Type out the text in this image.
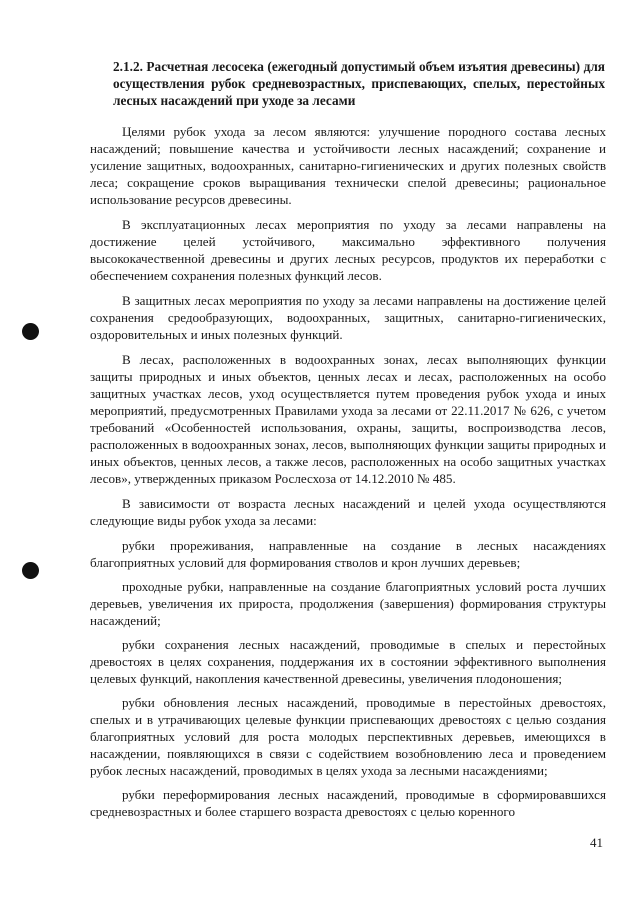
2.1.2. Расчетная лесосека (ежегодный допустимый объем изъятия древесины) для осуществления рубок средневозрастных, приспевающих, спелых, перестойных лесных насаждений при уходе за лесами

Целями рубок ухода за лесом являются: улучшение породного состава лесных насаждений; повышение качества и устойчивости лесных насаждений; сохранение и усиление защитных, водоохранных, санитарно-гигиенических и других полезных свойств леса; сокращение сроков выращивания технически спелой древесины; рациональное использование ресурсов древесины.

В эксплуатационных лесах мероприятия по уходу за лесами направлены на достижение целей устойчивого, максимально эффективного получения высококачественной древесины и других лесных ресурсов, продуктов их переработки с обеспечением сохранения полезных функций лесов.

В защитных лесах мероприятия по уходу за лесами направлены на достижение целей сохранения средообразующих, водоохранных, защитных, санитарно-гигиенических, оздоровительных и иных полезных функций.

В лесах, расположенных в водоохранных зонах, лесах выполняющих функции защиты природных и иных объектов, ценных лесах и лесах, расположенных на особо защитных участках лесов, уход осуществляется путем проведения рубок ухода и иных мероприятий, предусмотренных Правилами ухода за лесами от 22.11.2017 № 626, с учетом требований «Особенностей использования, охраны, защиты, воспроизводства лесов, расположенных в водоохранных зонах, лесов, выполняющих функции защиты природных и иных объектов, ценных лесов, а также лесов, расположенных на особо защитных участках лесов», утвержденных приказом Рослесхоза от 14.12.2010 № 485.

В зависимости от возраста лесных насаждений и целей ухода осуществляются следующие виды рубок ухода за лесами:

рубки прореживания, направленные на создание в лесных насаждениях благоприятных условий для формирования стволов и крон лучших деревьев;

проходные рубки, направленные на создание благоприятных условий роста лучших деревьев, увеличения их прироста, продолжения (завершения) формирования структуры насаждений;

рубки сохранения лесных насаждений, проводимые в спелых и перестойных древостоях в целях сохранения, поддержания их в состоянии эффективного выполнения целевых функций, накопления качественной древесины, увеличения плодоношения;

рубки обновления лесных насаждений, проводимые в перестойных древостоях, спелых и в утрачивающих целевые функции приспевающих древостоях с целью создания благоприятных условий для роста молодых перспективных деревьев, имеющихся в насаждении, появляющихся в связи с содействием возобновлению леса и проведением рубок лесных насаждений, проводимых в целях ухода за лесными насаждениями;

рубки переформирования лесных насаждений, проводимые в сформировавшихся средневозрастных и более старшего возраста древостоях с целью коренного

41
